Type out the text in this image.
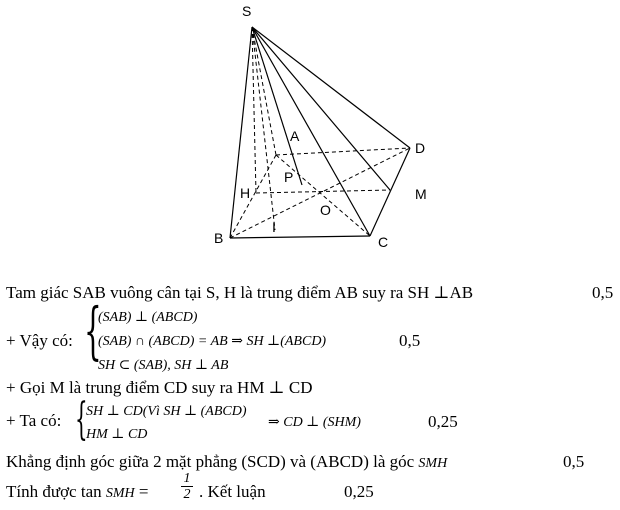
S
A
D
P
H	M
O
B
I
C
Tam giác SAB vuông cân tại S, H là trung điểm AB suy ra SH ⊥AB	0,5
+ Vậy có: {
(SAB) ⊥ (ABCD)
(SAB) ∩ (ABCD) = AB ⇒ SH ⊥(ABCD)
SH ⊂ (SAB), SH ⊥ AB
0,5
+ Gọi M là trung điểm CD suy ra HM ⊥ CD
+ Ta có: {
SH ⊥ CD(Vì SH ⊥ (ABCD)
HM ⊥ CD
⇒ CD ⊥ (SHM)	0,25
Khẳng định góc giữa 2 mặt phẳng (SCD) và (ABCD) là góc SMH	0,5
Tính được tan SMH = $\frac{1}{2}$ . Kết luận	0,25
